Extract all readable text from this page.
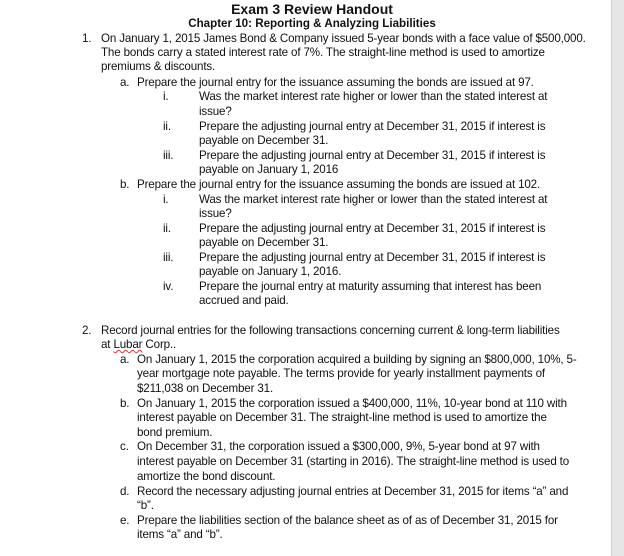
Exam 3 Review Handout
Chapter 10: Reporting & Analyzing Liabilities
1. On January 1, 2015 James Bond & Company issued 5-year bonds with a face value of $500,000.
The bonds carry a stated interest rate of 7%. The straight-line method is used to amortize
premiums & discounts.
a. Prepare the journal entry for the issuance assuming the bonds are issued at 97.
i.	Was the market interest rate higher or lower than the stated interest at
issue?
ii. Prepare the adjusting journal entry at December 31, 2015 if interest is
payable on December 31.
iii. Prepare the adjusting journal entry at December 31, 2015 if interest is
payable on January 1, 2016
b. Prepare the journal entry for the issuance assuming the bonds are issued at 102.
i.	Was the market interest rate higher or lower than the stated interest at
issue?
ii. Prepare the adjusting journal entry at December 31, 2015 if interest is
payable on December 31.
iii. Prepare the adjusting journal entry at December 31, 2015 if interest is
payable on January 1, 2016.
iv. Prepare the journal entry at maturity assuming that interest has been
accrued and paid.
2. Record journal entries for the following transactions concerning current & long-term liabilities
at Lubar Corp..
a. On January 1, 2015 the corporation acquired a building by signing an $800,000, 10%, 5-
year mortgage note payable. The terms provide for yearly installment payments of
$211,038 on December 31.
b. On January 1, 2015 the corporation issued a $400,000, 11%, 10-year bond at 110 with
interest payable on December 31. The straight-line method is used to amortize the
bond premium.
c. On December 31, the corporation issued a $300,000, 9%, 5-year bond at 97 with
interest payable on December 31 (starting in 2016). The straight-line method is used to
amortize the bond discount.
d. Record the necessary adjusting journal entries at December 31, 2015 for items “a” and
“b”.
e. Prepare the liabilities section of the balance sheet as of as of December 31, 2015 for
items “a” and “b”.
